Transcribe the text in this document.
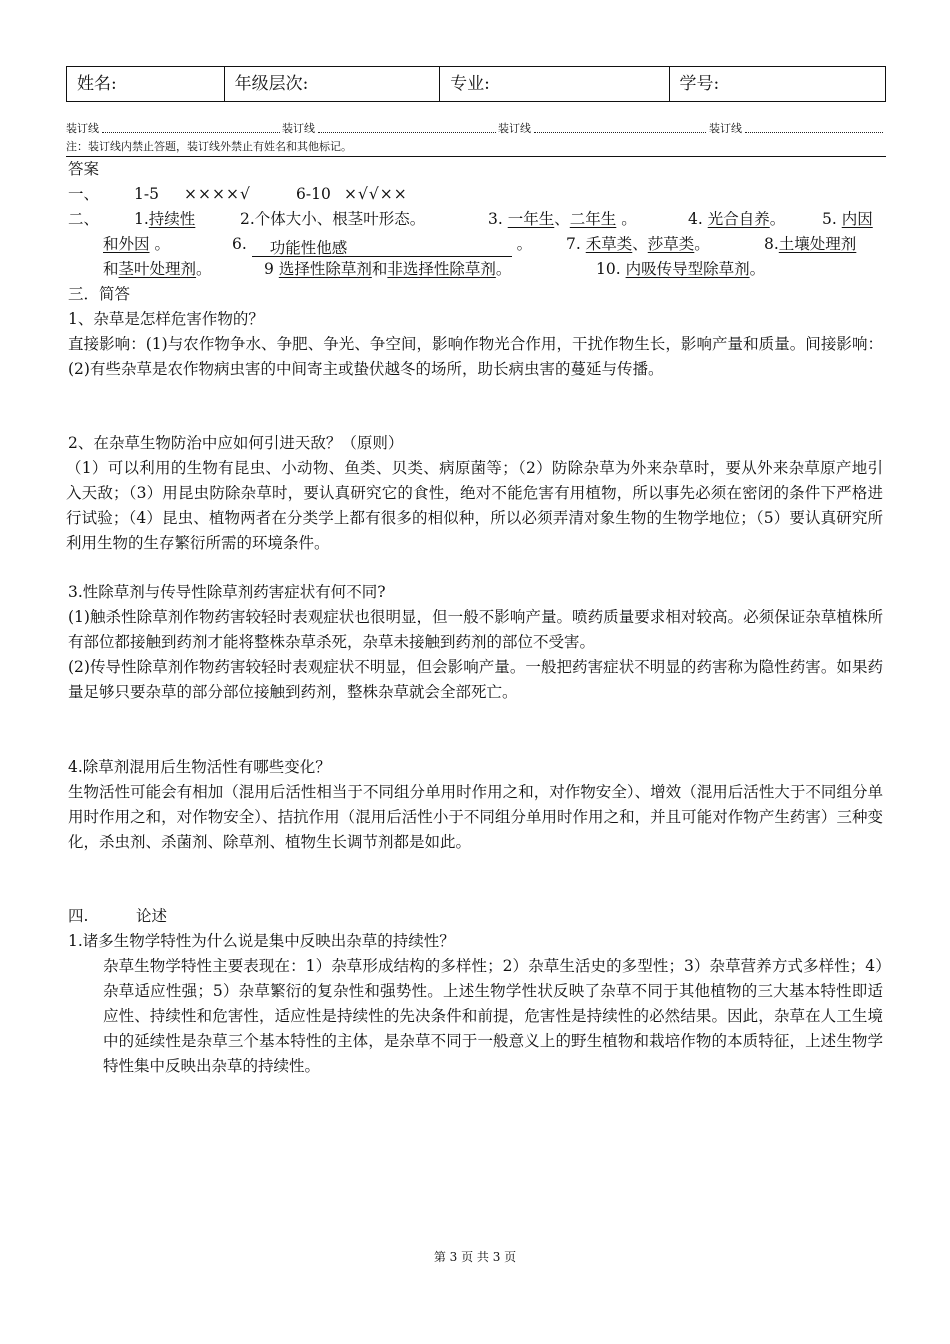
姓名:	年级层次:	专业:	学号:
装订线	装订线	装订线	装订线
注：装订线内禁止答题，装订线外禁止有姓名和其他标记。
答案
一、 1-5 ××××√	6-10 ×√√××
二、 1.持续性	2.个体大小、根茎叶形态。	3. 一年生、二年生 。	4. 光合自养。 5. 内因
和外因 。	6. 功能性他感	。 7. 禾草类、莎草类。	8.土壤处理剂
和茎叶处理剂。	9 选择性除草剂和非选择性除草剂。	10. 内吸传导型除草剂。
三．简答
1、杂草是怎样危害作物的？
直接影响：(1)与农作物争水、争肥、争光、争空间，影响作物光合作用，干扰作物生长，影响产量和质量。间接影响：(2)有些杂草是农作物病虫害的中间寄主或蛰伏越冬的场所，助长病虫害的蔓延与传播。
2、在杂草生物防治中应如何引进天敌？（原则）
（1）可以利用的生物有昆虫、小动物、鱼类、贝类、病原菌等；（2）防除杂草为外来杂草时，要从外来杂草原产地引入天敌；（3）用昆虫防除杂草时，要认真研究它的食性，绝对不能危害有用植物，所以事先必须在密闭的条件下严格进行试验；（4）昆虫、植物两者在分类学上都有很多的相似种，所以必须弄清对象生物的生物学地位；（5）要认真研究所利用生物的生存繁衍所需的环境条件。
3.性除草剂与传导性除草剂药害症状有何不同?
(1)触杀性除草剂作物药害较轻时表观症状也很明显，但一般不影响产量。喷药质量要求相对较高。必须保证杂草植株所有部位都接触到药剂才能将整株杂草杀死，杂草未接触到药剂的部位不受害。
(2)传导性除草剂作物药害较轻时表观症状不明显，但会影响产量。一般把药害症状不明显的药害称为隐性药害。如果药量足够只要杂草的部分部位接触到药剂，整株杂草就会全部死亡。
4.除草剂混用后生物活性有哪些变化？
生物活性可能会有相加（混用后活性相当于不同组分单用时作用之和，对作物安全）、增效（混用后活性大于不同组分单用时作用之和，对作物安全）、拮抗作用（混用后活性小于不同组分单用时作用之和，并且可能对作物产生药害）三种变化，杀虫剂、杀菌剂、除草剂、植物生长调节剂都是如此。
四.	论述
1.诸多生物学特性为什么说是集中反映出杂草的持续性？
杂草生物学特性主要表现在：1）杂草形成结构的多样性；2）杂草生活史的多型性；3）杂草营养方式多样性；4）杂草适应性强；5）杂草繁衍的复杂性和强势性。上述生物学性状反映了杂草不同于其他植物的三大基本特性即适应性、持续性和危害性，适应性是持续性的先决条件和前提，危害性是持续性的必然结果。因此，杂草在人工生境中的延续性是杂草三个基本特性的主体，是杂草不同于一般意义上的野生植物和栽培作物的本质特征，上述生物学特性集中反映出杂草的持续性。
第 3 页 共 3 页
